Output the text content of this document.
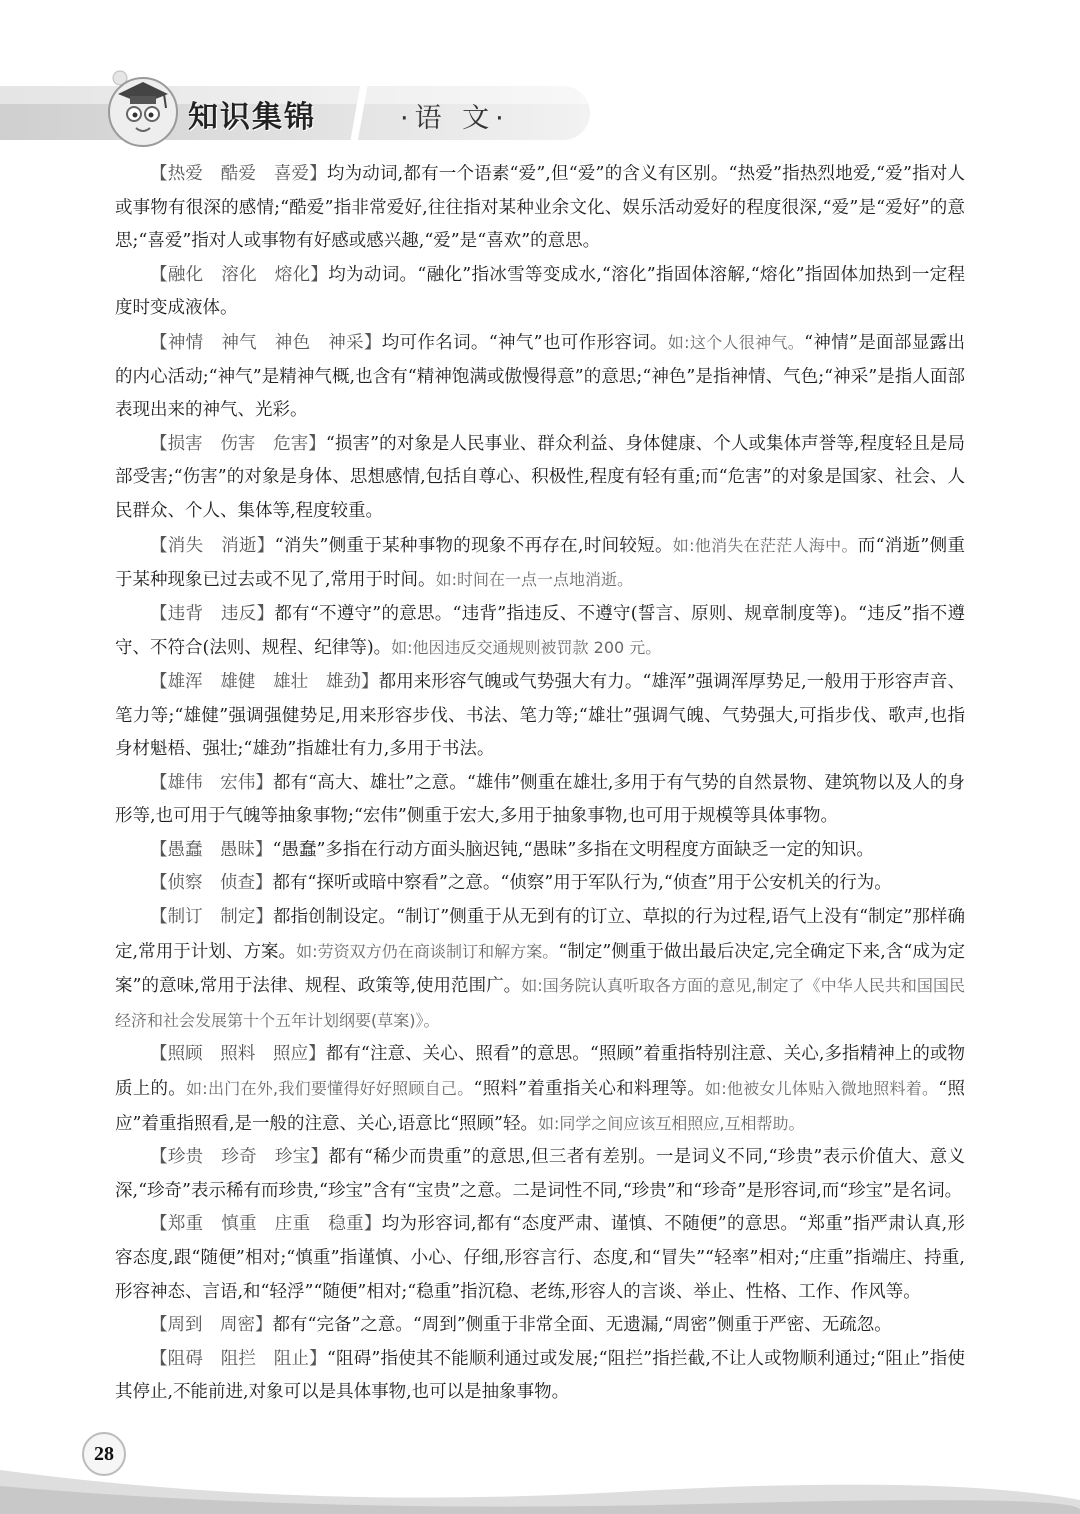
知识集锦	·语 文·

【热爱　酷爱　喜爱】均为动词,都有一个语素“爱”,但“爱”的含义有区别。“热爱”指热烈地爱,“爱”指对人或事物有很深的感情;“酷爱”指非常爱好,往往指对某种业余文化、娱乐活动爱好的程度很深,“爱”是“爱好”的意思;“喜爱”指对人或事物有好感或感兴趣,“爱”是“喜欢”的意思。

【融化　溶化　熔化】均为动词。“融化”指冰雪等变成水,“溶化”指固体溶解,“熔化”指固体加热到一定程度时变成液体。

【神情　神气　神色　神采】均可作名词。“神气”也可作形容词。如:这个人很神气。“神情”是面部显露出的内心活动;“神气”是精神气概,也含有“精神饱满或傲慢得意”的意思;“神色”是指神情、气色;“神采”是指人面部表现出来的神气、光彩。

【损害　伤害　危害】“损害”的对象是人民事业、群众利益、身体健康、个人或集体声誉等,程度轻且是局部受害;“伤害”的对象是身体、思想感情,包括自尊心、积极性,程度有轻有重;而“危害”的对象是国家、社会、人民群众、个人、集体等,程度较重。

【消失　消逝】“消失”侧重于某种事物的现象不再存在,时间较短。如:他消失在茫茫人海中。而“消逝”侧重于某种现象已过去或不见了,常用于时间。如:时间在一点一点地消逝。

【违背　违反】都有“不遵守”的意思。“违背”指违反、不遵守(誓言、原则、规章制度等)。“违反”指不遵守、不符合(法则、规程、纪律等)。如:他因违反交通规则被罚款 200 元。

【雄浑　雄健　雄壮　雄劲】都用来形容气魄或气势强大有力。“雄浑”强调浑厚势足,一般用于形容声音、笔力等;“雄健”强调强健势足,用来形容步伐、书法、笔力等;“雄壮”强调气魄、气势强大,可指步伐、歌声,也指身材魁梧、强壮;“雄劲”指雄壮有力,多用于书法。

【雄伟　宏伟】都有“高大、雄壮”之意。“雄伟”侧重在雄壮,多用于有气势的自然景物、建筑物以及人的身形等,也可用于气魄等抽象事物;“宏伟”侧重于宏大,多用于抽象事物,也可用于规模等具体事物。

【愚蠢　愚昧】“愚蠢”多指在行动方面头脑迟钝,“愚昧”多指在文明程度方面缺乏一定的知识。

【侦察　侦查】都有“探听或暗中察看”之意。“侦察”用于军队行为,“侦查”用于公安机关的行为。

【制订　制定】都指创制设定。“制订”侧重于从无到有的订立、草拟的行为过程,语气上没有“制定”那样确定,常用于计划、方案。如:劳资双方仍在商谈制订和解方案。“制定”侧重于做出最后决定,完全确定下来,含“成为定案”的意味,常用于法律、规程、政策等,使用范围广。如:国务院认真听取各方面的意见,制定了《中华人民共和国国民经济和社会发展第十个五年计划纲要(草案)》。

【照顾　照料　照应】都有“注意、关心、照看”的意思。“照顾”着重指特别注意、关心,多指精神上的或物质上的。如:出门在外,我们要懂得好好照顾自己。“照料”着重指关心和料理等。如:他被女儿体贴入微地照料着。“照应”着重指照看,是一般的注意、关心,语意比“照顾”轻。如:同学之间应该互相照应,互相帮助。

【珍贵　珍奇　珍宝】都有“稀少而贵重”的意思,但三者有差别。一是词义不同,“珍贵”表示价值大、意义深,“珍奇”表示稀有而珍贵,“珍宝”含有“宝贵”之意。二是词性不同,“珍贵”和“珍奇”是形容词,而“珍宝”是名词。

【郑重　慎重　庄重　稳重】均为形容词,都有“态度严肃、谨慎、不随便”的意思。“郑重”指严肃认真,形容态度,跟“随便”相对;“慎重”指谨慎、小心、仔细,形容言行、态度,和“冒失”“轻率”相对;“庄重”指端庄、持重,形容神态、言语,和“轻浮”“随便”相对;“稳重”指沉稳、老练,形容人的言谈、举止、性格、工作、作风等。

【周到　周密】都有“完备”之意。“周到”侧重于非常全面、无遗漏,“周密”侧重于严密、无疏忽。

【阻碍　阻拦　阻止】“阻碍”指使其不能顺利通过或发展;“阻拦”指拦截,不让人或物顺利通过;“阻止”指使其停止,不能前进,对象可以是具体事物,也可以是抽象事物。

28
